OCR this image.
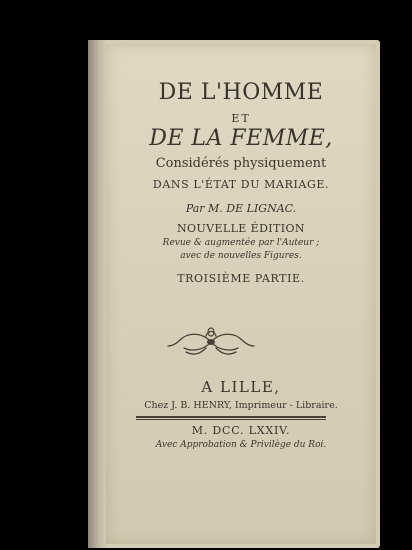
DE L'HOMME
ET
DE LA FEMME,
Considérés physiquement
DANS L'ÉTAT DU MARIAGE.
Par M. DE LIGNAC.
NOUVELLE ÉDITION
Revue & augmentée par l'Auteur ;
avec de nouvelles Figures.
TROISIÈME PARTIE.
A LILLE,
Chez J. B. HENRY, Imprimeur - Libraire.
M. DCC. LXXIV.
Avec Approbation & Privilège du Roi.
